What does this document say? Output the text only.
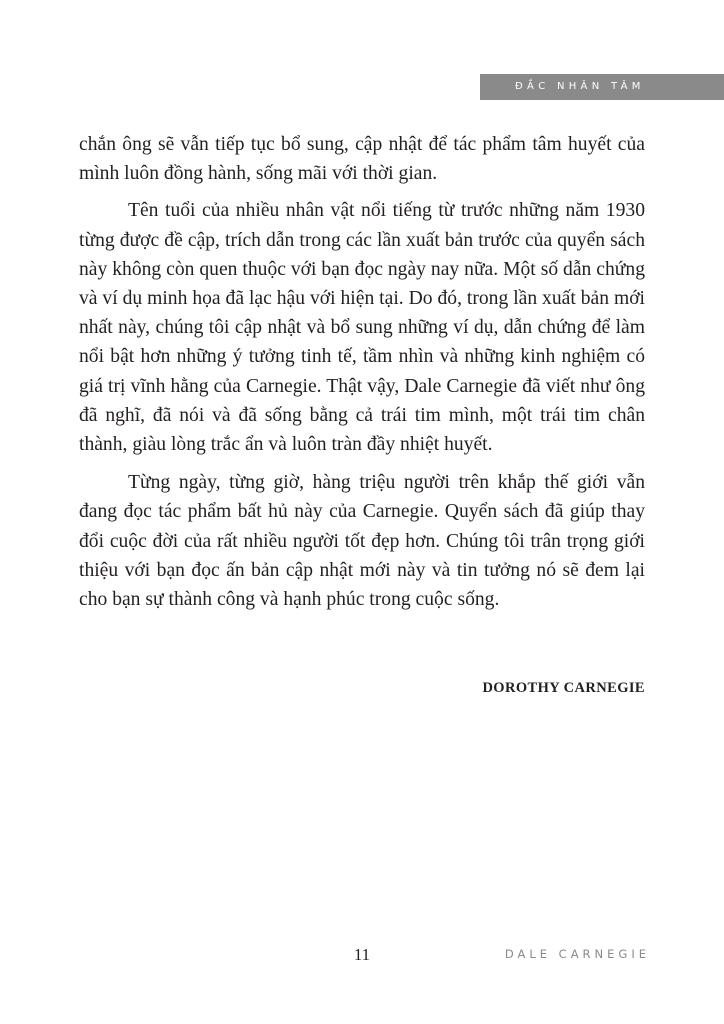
ĐẮC NHÂN TÂM

chắn ông sẽ vẫn tiếp tục bổ sung, cập nhật để tác phẩm tâm huyết của mình luôn đồng hành, sống mãi với thời gian.

Tên tuổi của nhiều nhân vật nổi tiếng từ trước những năm 1930 từng được đề cập, trích dẫn trong các lần xuất bản trước của quyển sách này không còn quen thuộc với bạn đọc ngày nay nữa. Một số dẫn chứng và ví dụ minh họa đã lạc hậu với hiện tại. Do đó, trong lần xuất bản mới nhất này, chúng tôi cập nhật và bổ sung những ví dụ, dẫn chứng để làm nổi bật hơn những ý tưởng tinh tế, tầm nhìn và những kinh nghiệm có giá trị vĩnh hằng của Carnegie. Thật vậy, Dale Carnegie đã viết như ông đã nghĩ, đã nói và đã sống bằng cả trái tim mình, một trái tim chân thành, giàu lòng trắc ẩn và luôn tràn đầy nhiệt huyết.

Từng ngày, từng giờ, hàng triệu người trên khắp thế giới vẫn đang đọc tác phẩm bất hủ này của Carnegie. Quyển sách đã giúp thay đổi cuộc đời của rất nhiều người tốt đẹp hơn. Chúng tôi trân trọng giới thiệu với bạn đọc ấn bản cập nhật mới này và tin tưởng nó sẽ đem lại cho bạn sự thành công và hạnh phúc trong cuộc sống.

DOROTHY CARNEGIE
11	DALE CARNEGIE
